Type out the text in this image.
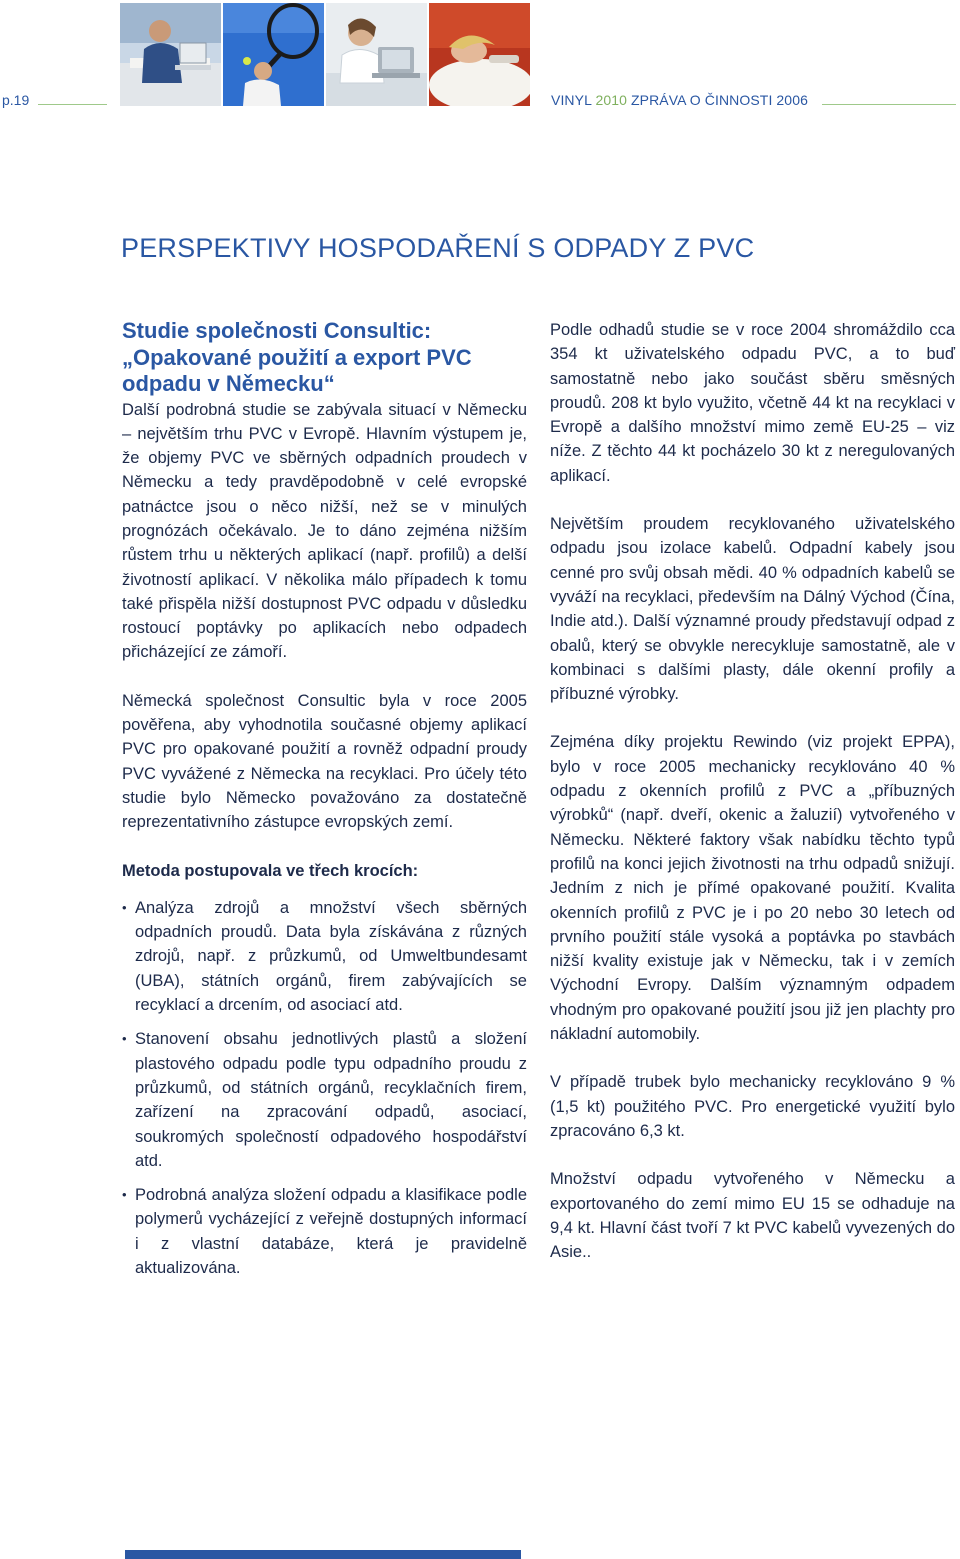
p.19	VINYL 2010 ZPRÁVA O ČINNOSTI 2006
PERSPEKTIVY HOSPODAŘENÍ S ODPADY Z PVC
Studie společnosti Consultic:
„Opakované použití a export PVC
odpadu v Německu“

Další podrobná studie se zabývala situací v Německu – největším trhu PVC v Evropě. Hlavním výstupem je, že objemy PVC ve sběrných odpadních proudech v Německu a tedy pravděpodobně v celé evropské patnáctce jsou o něco nižší, než se v minulých prognózách očekávalo. Je to dáno zejména nižším růstem trhu u některých aplikací (např. profilů) a delší životností aplikací. V několika málo případech k tomu také přispěla nižší dostupnost PVC odpadu v důsledku rostoucí poptávky po aplikacích nebo odpadech přicházející ze zámoří.

Německá společnost Consultic byla v roce 2005 pověřena, aby vyhodnotila současné objemy aplikací PVC pro opakované použití a rovněž odpadní proudy PVC vyvážené z Německa na recyklaci. Pro účely této studie bylo Německo považováno za dostatečně reprezentativního zástupce evropských zemí.

Metoda postupovala ve třech krocích:
• Analýza zdrojů a množství všech sběrných odpadních proudů. Data byla získávána z různých zdrojů, např. z průzkumů, od Umweltbundesamt (UBA), státních orgánů, firem zabývajících se recyklací a drcením, od asociací atd.
• Stanovení obsahu jednotlivých plastů a složení plastového odpadu podle typu odpadního proudu z průzkumů, od státních orgánů, recyklačních firem, zařízení na zpracování odpadů, asociací, soukromých společností odpadového hospodářství atd.
• Podrobná analýza složení odpadu a klasifikace podle polymerů vycházející z veřejně dostupných informací i z vlastní databáze, která je pravidelně aktualizována.

Podle odhadů studie se v roce 2004 shromáždilo cca 354 kt uživatelského odpadu PVC, a to buď samostatně nebo jako součást sběru směsných proudů. 208 kt bylo využito, včetně 44 kt na recyklaci v Evropě a dalšího množství mimo země EU-25 – viz níže. Z těchto 44 kt pocházelo 30 kt z neregulovaných aplikací.

Největším proudem recyklovaného uživatelského odpadu jsou izolace kabelů. Odpadní kabely jsou cenné pro svůj obsah mědi. 40 % odpadních kabelů se vyváží na recyklaci, především na Dálný Východ (Čína, Indie atd.). Další významné proudy představují odpad z obalů, který se obvykle nerecykluje samostatně, ale v kombinaci s dalšími plasty, dále okenní profily a příbuzné výrobky.

Zejména díky projektu Rewindo (viz projekt EPPA), bylo v roce 2005 mechanicky recyklováno 40 % odpadu z okenních profilů z PVC a „příbuzných výrobků“ (např. dveří, okenic a žaluzií) vytvořeného v Německu. Některé faktory však nabídku těchto typů profilů na konci jejich životnosti na trhu odpadů snižují. Jedním z nich je přímé opakované použití. Kvalita okenních profilů z PVC je i po 20 nebo 30 letech od prvního použití stále vysoká a poptávka po stavbách nižší kvality existuje jak v Německu, tak i v zemích Východní Evropy. Dalším významným odpadem vhodným pro opakované použití jsou již jen plachty pro nákladní automobily.

V případě trubek bylo mechanicky recyklováno 9 % (1,5 kt) použitého PVC. Pro energetické využití bylo zpracováno 6,3 kt.

Množství odpadu vytvořeného v Německu a exportovaného do zemí mimo EU 15 se odhaduje na 9,4 kt. Hlavní část tvoří 7 kt PVC kabelů vyvezených do Asie..
